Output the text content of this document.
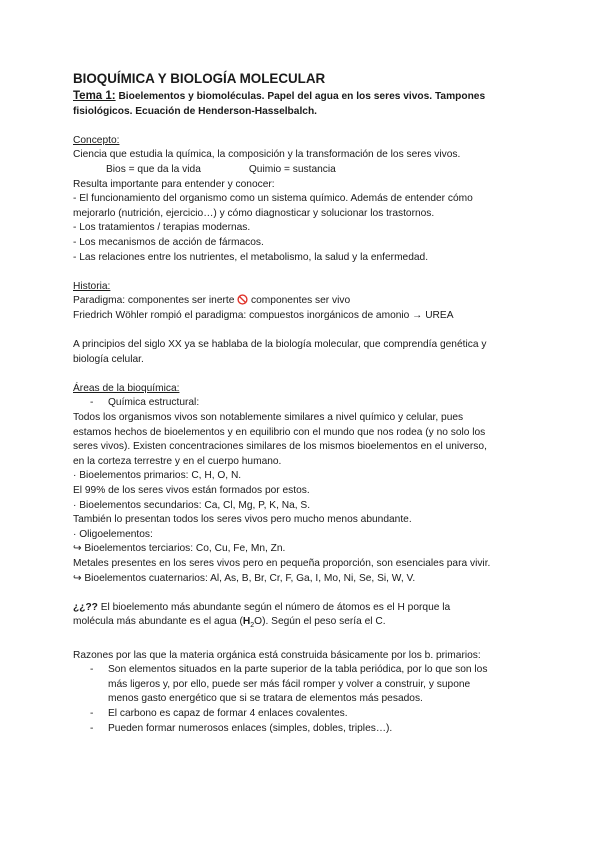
BIOQUÍMICA Y BIOLOGÍA MOLECULAR
Tema 1: Bioelementos y biomoléculas. Papel del agua en los seres vivos. Tampones
fisiológicos. Ecuación de Henderson-Hasselbalch.
Concepto:
Ciencia que estudia la química, la composición y la transformación de los seres vivos.
Bios = que da la vida	Quimio = sustancia
Resulta importante para entender y conocer:
- El funcionamiento del organismo como un sistema químico. Además de entender cómo
mejorarlo (nutrición, ejercicio…) y cómo diagnosticar y solucionar los trastornos.
- Los tratamientos / terapias modernas.
- Los mecanismos de acción de fármacos.
- Las relaciones entre los nutrientes, el metabolismo, la salud y la enfermedad.
Historia:
Paradigma: componentes ser inerte  componentes ser vivo
Friedrich Wöhler rompió el paradigma: compuestos inorgánicos de amonio → UREA
A principios del siglo XX ya se hablaba de la biología molecular, que comprendía genética y
biología celular.
Áreas de la bioquímica:
- Química estructural:
Todos los organismos vivos son notablemente similares a nivel químico y celular, pues
estamos hechos de bioelementos y en equilibrio con el mundo que nos rodea (y no solo los
seres vivos). Existen concentraciones similares de los mismos bioelementos en el universo,
en la corteza terrestre y en el cuerpo humano.
· Bioelementos primarios: C, H, O, N.
El 99% de los seres vivos están formados por estos.
· Bioelementos secundarios: Ca, Cl, Mg, P, K, Na, S.
También lo presentan todos los seres vivos pero mucho menos abundante.
· Oligoelementos:
↪ Bioelementos terciarios: Co, Cu, Fe, Mn, Zn.
Metales presentes en los seres vivos pero en pequeña proporción, son esenciales para vivir.
↪ Bioelementos cuaternarios: Al, As, B, Br, Cr, F, Ga, I, Mo, Ni, Se, Si, W, V.
¿¿?? El bioelemento más abundante según el número de átomos es el H porque la
molécula más abundante es el agua $(H_2O)$. Según el peso sería el C.
Razones por las que la materia orgánica está construida básicamente por los b. primarios:
- Son elementos situados en la parte superior de la tabla periódica, por lo que son los
más ligeros y, por ello, puede ser más fácil romper y volver a construir, y supone
menos gasto energético que si se tratara de elementos más pesados.
- El carbono es capaz de formar 4 enlaces covalentes.
- Pueden formar numerosos enlaces (simples, dobles, triples…).
